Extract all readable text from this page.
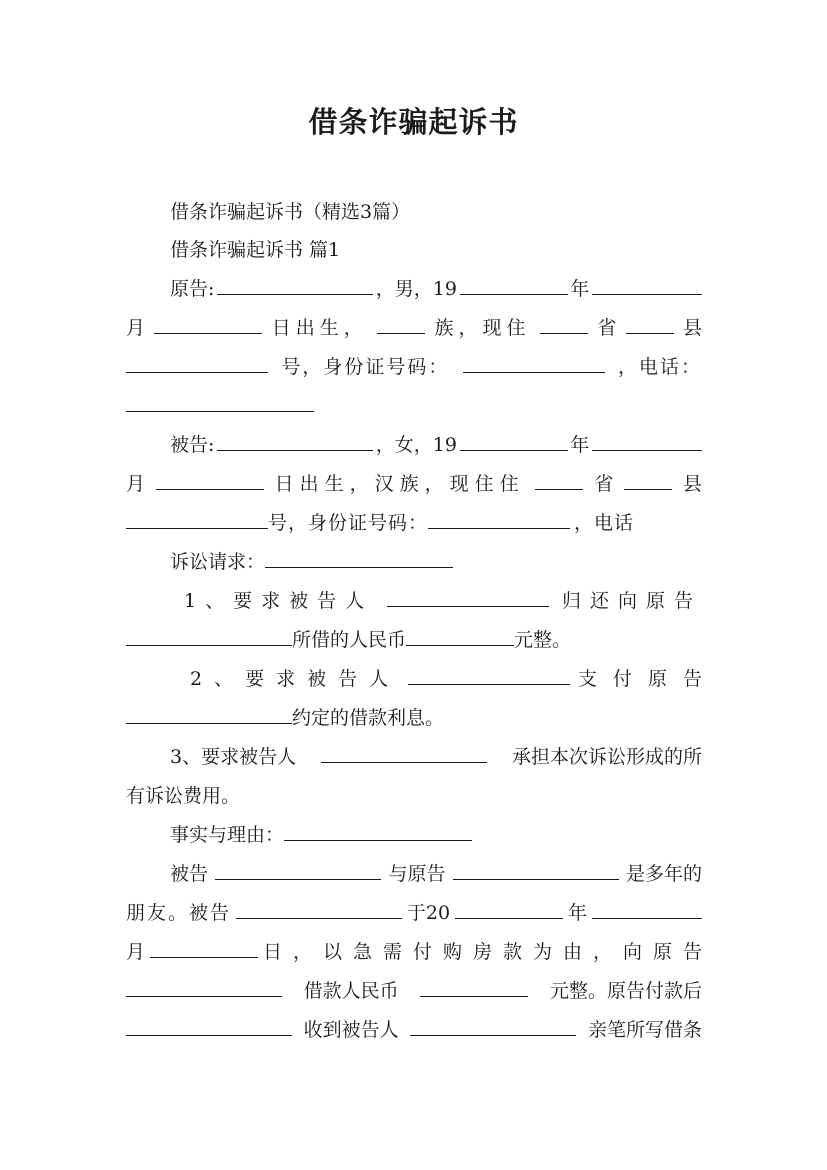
借条诈骗起诉书
借条诈骗起诉书（精选3篇）
借条诈骗起诉书 篇1
原告:	，男，19	年
月	日出生，	族，现住	省	县
号，身份证号码：	，电话：
被告:	，女，19	年
月	日出生，汉族，现住住	省	县
号，身份证号码：	，电话
诉讼请求：
1、要求被告人	归还向原告
所借的人民币	元整。
2、要求被告人	支付原告
约定的借款利息。
3、要求被告人	承担本次诉讼形成的所
有诉讼费用。
事实与理由：
被告	与原告	是多年的
朋友。被告	于20	年
月	日，以急需付购房款为由，向原告
借款人民币	元整。原告付款后
收到被告人	亲笔所写借条
